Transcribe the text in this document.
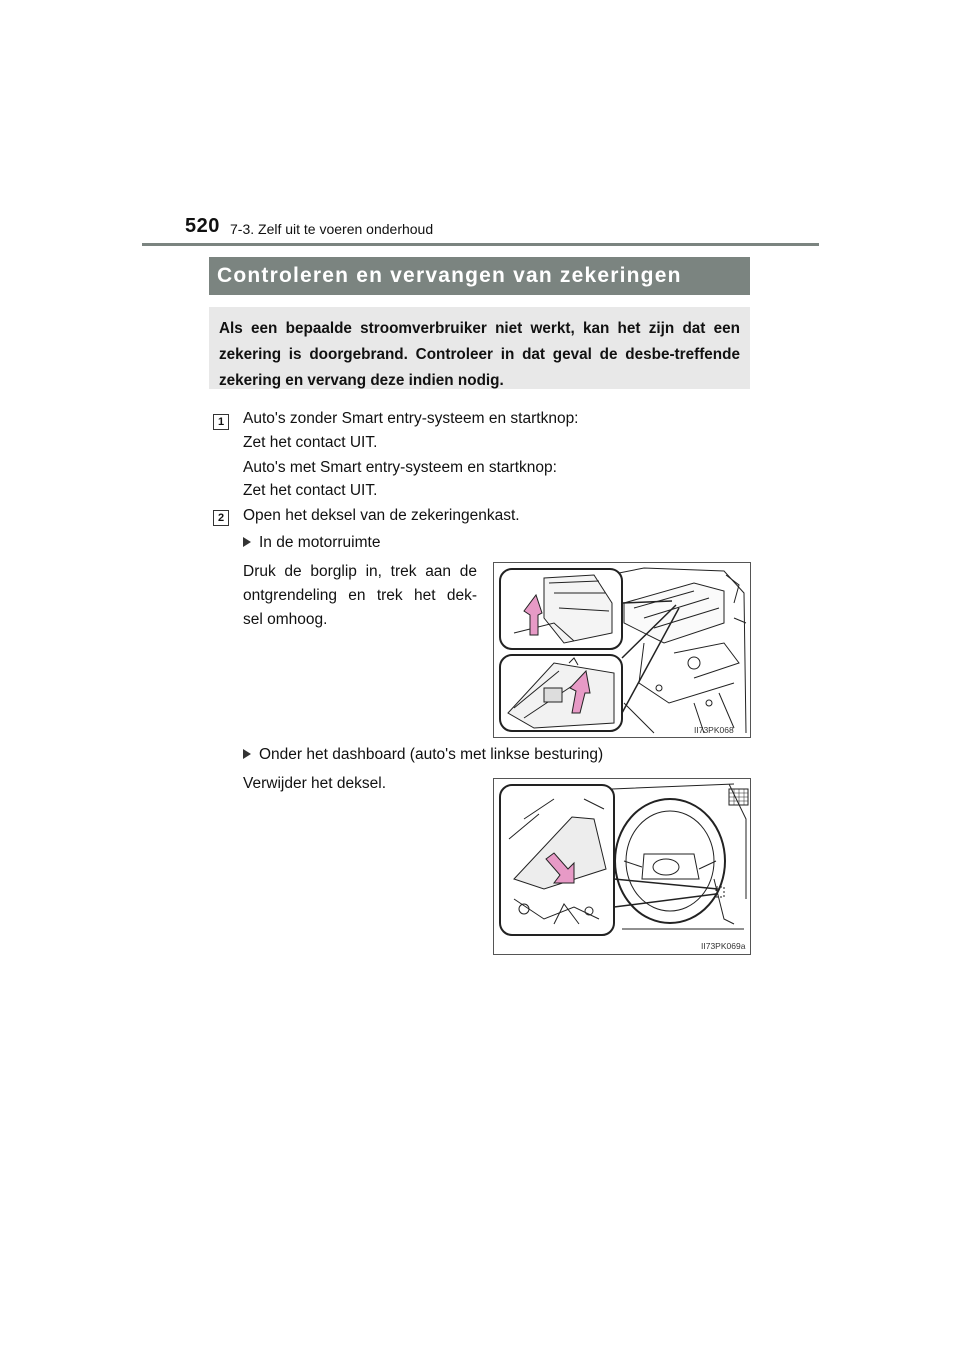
520 7-3. Zelf uit te voeren onderhoud
Controleren en vervangen van zekeringen
Als een bepaalde stroomverbruiker niet werkt, kan het zijn dat een zekering is doorgebrand. Controleer in dat geval de desbe-treffende zekering en vervang deze indien nodig.
1	Auto's zonder Smart entry-systeem en startknop:
Zet het contact UIT.
Auto's met Smart entry-systeem en startknop:
Zet het contact UIT.
2	Open het deksel van de zekeringenkast.
In de motorruimte
Druk de borglip in, trek aan de
ontgrendeling en trek het dek-
sel omhoog.
II73PK068
Onder het dashboard (auto's met linkse besturing)
Verwijder het deksel.
II73PK069a
